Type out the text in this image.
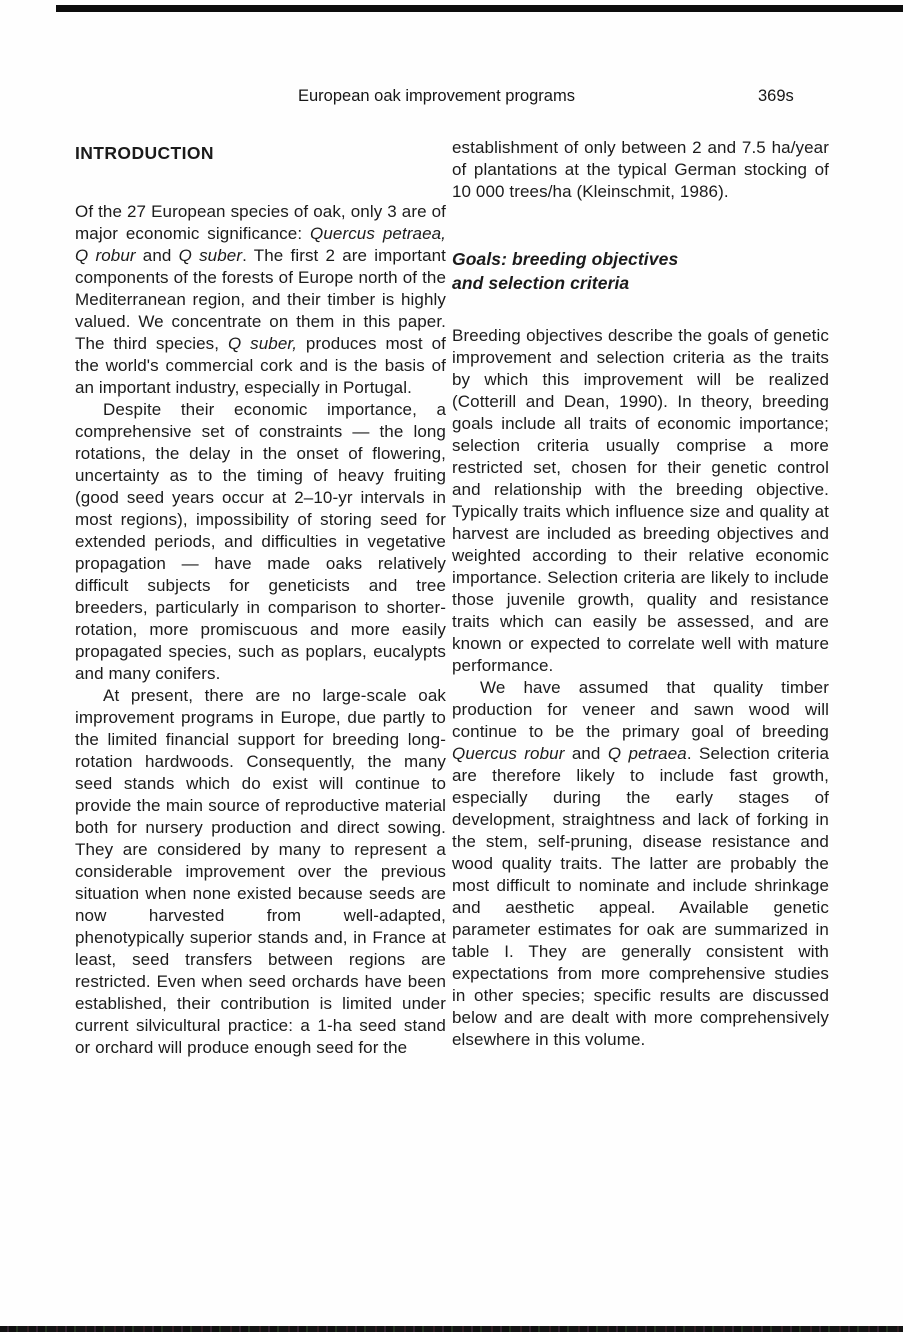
European oak improvement programs	369s
INTRODUCTION

Of the 27 European species of oak, only 3 are of major economic significance: Quercus petraea, Q robur and Q suber. The first 2 are important components of the forests of Europe north of the Mediterranean region, and their timber is highly valued. We concentrate on them in this paper. The third species, Q suber, produces most of the world's commercial cork and is the basis of an important industry, especially in Portugal.

Despite their economic importance, a comprehensive set of constraints — the long rotations, the delay in the onset of flowering, uncertainty as to the timing of heavy fruiting (good seed years occur at 2–10-yr intervals in most regions), impossibility of storing seed for extended periods, and difficulties in vegetative propagation — have made oaks relatively difficult subjects for geneticists and tree breeders, particularly in comparison to shorter-rotation, more promiscuous and more easily propagated species, such as poplars, eucalypts and many conifers.

At present, there are no large-scale oak improvement programs in Europe, due partly to the limited financial support for breeding long-rotation hardwoods. Consequently, the many seed stands which do exist will continue to provide the main source of reproductive material both for nursery production and direct sowing. They are considered by many to represent a considerable improvement over the previous situation when none existed because seeds are now harvested from well-adapted, phenotypically superior stands and, in France at least, seed transfers between regions are restricted. Even when seed orchards have been established, their contribution is limited under current silvicultural practice: a 1-ha seed stand or orchard will produce enough seed for the

establishment of only between 2 and 7.5 ha/year of plantations at the typical German stocking of 10 000 trees/ha (Kleinschmit, 1986).

Goals: breeding objectives
and selection criteria

Breeding objectives describe the goals of genetic improvement and selection criteria as the traits by which this improvement will be realized (Cotterill and Dean, 1990). In theory, breeding goals include all traits of economic importance; selection criteria usually comprise a more restricted set, chosen for their genetic control and relationship with the breeding objective. Typically traits which influence size and quality at harvest are included as breeding objectives and weighted according to their relative economic importance. Selection criteria are likely to include those juvenile growth, quality and resistance traits which can easily be assessed, and are known or expected to correlate well with mature performance.

We have assumed that quality timber production for veneer and sawn wood will continue to be the primary goal of breeding Quercus robur and Q petraea. Selection criteria are therefore likely to include fast growth, especially during the early stages of development, straightness and lack of forking in the stem, self-pruning, disease resistance and wood quality traits. The latter are probably the most difficult to nominate and include shrinkage and aesthetic appeal. Available genetic parameter estimates for oak are summarized in table I. They are generally consistent with expectations from more comprehensive studies in other species; specific results are discussed below and are dealt with more comprehensively elsewhere in this volume.
